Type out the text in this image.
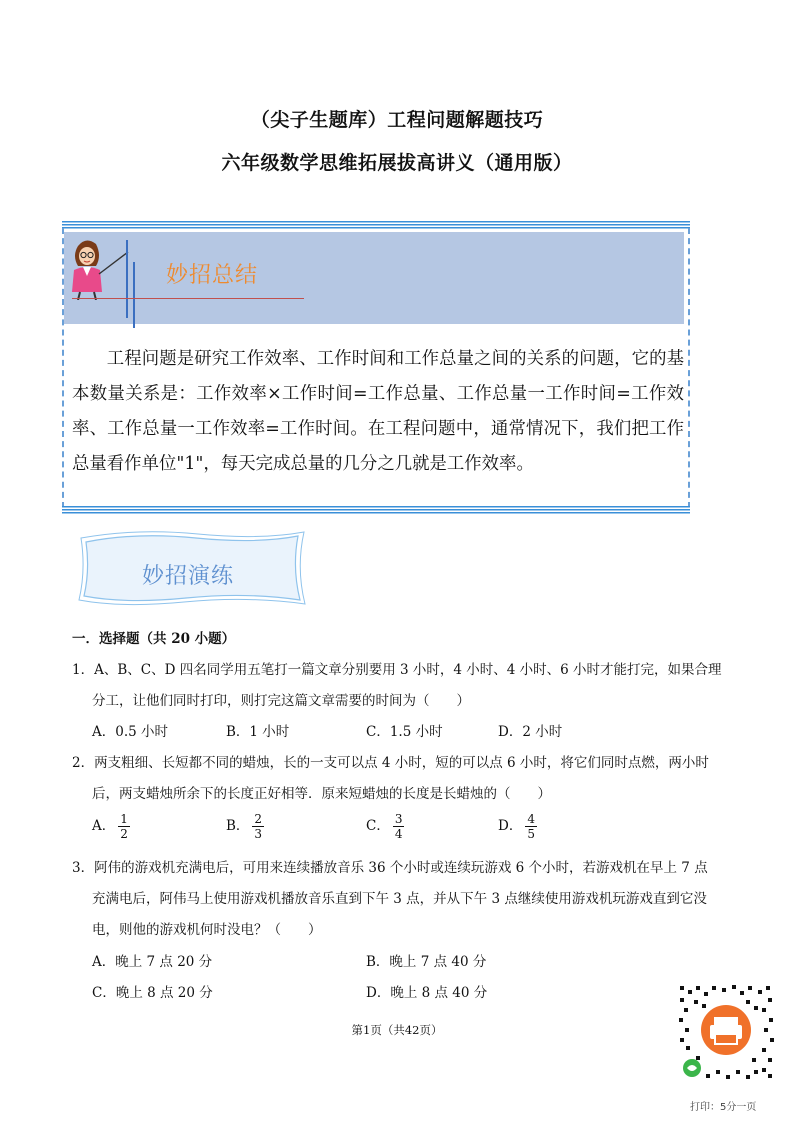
（尖子生题库）工程问题解题技巧
六年级数学思维拓展拔高讲义（通用版）
妙招总结

工程问题是研究工作效率、工作时间和工作总量之间的关系的问题，它的基本数量关系是：工作效率×工作时间=工作总量、工作总量一工作时间=工作效率、工作总量一工作效率=工作时间。在工程问题中，通常情况下，我们把工作总量看作单位"1"，每天完成总量的几分之几就是工作效率。

妙招演练
一．选择题（共 20 小题）
1．A、B、C、D 四名同学用五笔打一篇文章分别要用 3 小时，4 小时、4 小时、6 小时才能打完，如果合理
分工，让他们同时打印，则打完这篇文章需要的时间为（　　）
A．0.5 小时	B．1 小时	C．1.5 小时	D．2 小时
2．两支粗细、长短都不同的蜡烛，长的一支可以点 4 小时，短的可以点 6 小时，将它们同时点燃，两小时
后，两支蜡烛所余下的长度正好相等．原来短蜡烛的长度是长蜡烛的（　　）
A． $\frac{1}{2}$	B． $\frac{2}{3}$	C． $\frac{3}{4}$	D． $\frac{4}{5}$
3．阿伟的游戏机充满电后，可用来连续播放音乐 36 个小时或连续玩游戏 6 个小时，若游戏机在早上 7 点
充满电后，阿伟马上使用游戏机播放音乐直到下午 3 点，并从下午 3 点继续使用游戏机玩游戏直到它没
电，则他的游戏机何时没电？（　　）
A．晚上 7 点 20 分	B．晚上 7 点 40 分
C．晚上 8 点 20 分	D．晚上 8 点 40 分
第1页（共42页）
打印：5分一页
